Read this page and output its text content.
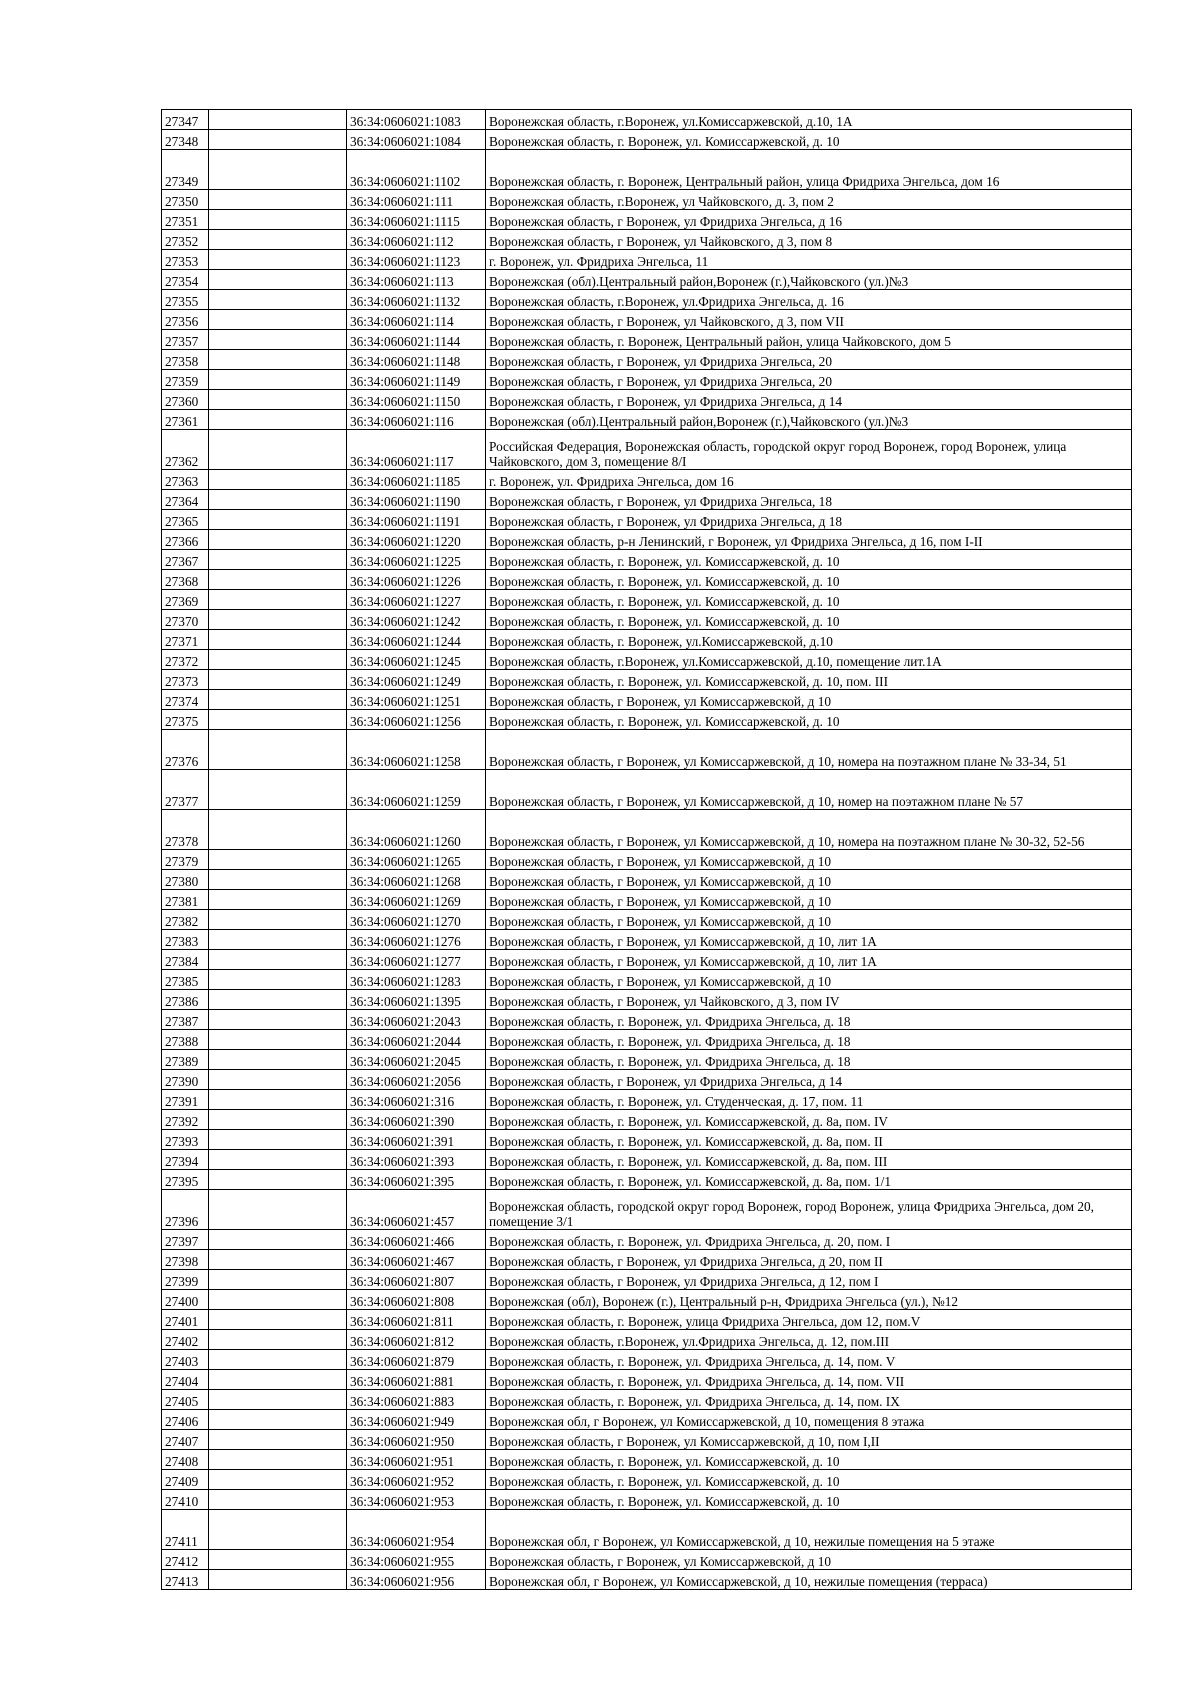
27347		36:34:0606021:1083	Воронежская область, г.Воронеж, ул.Комиссаржевской, д.10, 1А
27348		36:34:0606021:1084	Воронежская область, г. Воронеж, ул. Комиссаржевской, д. 10
27349		36:34:0606021:1102	Воронежская область, г. Воронеж, Центральный район, улица Фридриха Энгельса, дом 16
27350		36:34:0606021:111	Воронежская область, г.Воронеж, ул Чайковского, д. 3, пом 2
27351		36:34:0606021:1115	Воронежская область, г Воронеж, ул Фридриха Энгельса, д 16
27352		36:34:0606021:112	Воронежская область, г Воронеж, ул Чайковского, д 3, пом 8
27353		36:34:0606021:1123	г. Воронеж, ул. Фридриха Энгельса, 11
27354		36:34:0606021:113	Воронежская (обл).Центральный район,Воронеж (г.),Чайковского (ул.)№3
27355		36:34:0606021:1132	Воронежская область, г.Воронеж, ул.Фридриха Энгельса, д. 16
27356		36:34:0606021:114	Воронежская область, г Воронеж, ул Чайковского, д 3, пом VII
27357		36:34:0606021:1144	Воронежская область, г. Воронеж, Центральный район, улица Чайковского, дом 5
27358		36:34:0606021:1148	Воронежская область, г Воронеж, ул Фридриха Энгельса, 20
27359		36:34:0606021:1149	Воронежская область, г Воронеж, ул Фридриха Энгельса, 20
27360		36:34:0606021:1150	Воронежская область, г Воронеж, ул Фридриха Энгельса, д 14
27361		36:34:0606021:116	Воронежская (обл).Центральный район,Воронеж (г.),Чайковского (ул.)№3
27362		36:34:0606021:117	Российская Федерация, Воронежская область, городской округ город Воронеж, город Воронеж, улица Чайковского, дом 3, помещение 8/I
27363		36:34:0606021:1185	г. Воронеж, ул. Фридриха Энгельса, дом 16
27364		36:34:0606021:1190	Воронежская область, г Воронеж, ул Фридриха Энгельса, 18
27365		36:34:0606021:1191	Воронежская область, г Воронеж, ул Фридриха Энгельса, д 18
27366		36:34:0606021:1220	Воронежская область, р-н Ленинский, г Воронеж, ул Фридриха Энгельса, д 16, пом I-II
27367		36:34:0606021:1225	Воронежская область, г. Воронеж, ул. Комиссаржевской, д. 10
27368		36:34:0606021:1226	Воронежская область, г. Воронеж, ул. Комиссаржевской, д. 10
27369		36:34:0606021:1227	Воронежская область, г. Воронеж, ул. Комиссаржевской, д. 10
27370		36:34:0606021:1242	Воронежская область, г. Воронеж, ул. Комиссаржевской, д. 10
27371		36:34:0606021:1244	Воронежская область, г. Воронеж, ул.Комиссаржевской, д.10
27372		36:34:0606021:1245	Воронежская область, г.Воронеж, ул.Комиссаржевской, д.10, помещение лит.1А
27373		36:34:0606021:1249	Воронежская область, г. Воронеж, ул. Комиссаржевской, д. 10, пом. III
27374		36:34:0606021:1251	Воронежская область, г Воронеж, ул Комиссаржевской, д 10
27375		36:34:0606021:1256	Воронежская область, г. Воронеж, ул. Комиссаржевской, д. 10
27376		36:34:0606021:1258	Воронежская область, г Воронеж, ул Комиссаржевской, д 10, номера на поэтажном плане № 33-34, 51
27377		36:34:0606021:1259	Воронежская область, г Воронеж, ул Комиссаржевской, д 10, номер на поэтажном плане № 57
27378		36:34:0606021:1260	Воронежская область, г Воронеж, ул Комиссаржевской, д 10, номера на поэтажном плане № 30-32, 52-56
27379		36:34:0606021:1265	Воронежская область, г Воронеж, ул Комиссаржевской, д 10
27380		36:34:0606021:1268	Воронежская область, г Воронеж, ул Комиссаржевской, д 10
27381		36:34:0606021:1269	Воронежская область, г Воронеж, ул Комиссаржевской, д 10
27382		36:34:0606021:1270	Воронежская область, г Воронеж, ул Комиссаржевской, д 10
27383		36:34:0606021:1276	Воронежская область, г Воронеж, ул Комиссаржевской, д 10, лит 1А
27384		36:34:0606021:1277	Воронежская область, г Воронеж, ул Комиссаржевской, д 10, лит 1А
27385		36:34:0606021:1283	Воронежская область, г Воронеж, ул Комиссаржевской, д 10
27386		36:34:0606021:1395	Воронежская область, г Воронеж, ул Чайковского, д 3, пом IV
27387		36:34:0606021:2043	Воронежская область, г. Воронеж, ул. Фридриха Энгельса, д. 18
27388		36:34:0606021:2044	Воронежская область, г. Воронеж, ул. Фридриха Энгельса, д. 18
27389		36:34:0606021:2045	Воронежская область, г. Воронеж, ул. Фридриха Энгельса, д. 18
27390		36:34:0606021:2056	Воронежская область, г Воронеж, ул Фридриха Энгельса, д 14
27391		36:34:0606021:316	Воронежская область, г. Воронеж, ул. Студенческая, д. 17, пом. 11
27392		36:34:0606021:390	Воронежская область, г. Воронеж, ул. Комиссаржевской, д. 8а, пом. IV
27393		36:34:0606021:391	Воронежская область, г. Воронеж, ул. Комиссаржевской, д. 8а, пом. II
27394		36:34:0606021:393	Воронежская область, г. Воронеж, ул. Комиссаржевской, д. 8а, пом. III
27395		36:34:0606021:395	Воронежская область, г. Воронеж, ул. Комиссаржевской, д. 8а, пом. 1/1
27396		36:34:0606021:457	Воронежская область, городской округ город Воронеж, город Воронеж, улица Фридриха Энгельса, дом 20, помещение 3/1
27397		36:34:0606021:466	Воронежская область, г. Воронеж, ул. Фридриха Энгельса, д. 20, пом. I
27398		36:34:0606021:467	Воронежская область, г Воронеж, ул Фридриха Энгельса, д 20, пом II
27399		36:34:0606021:807	Воронежская область, г Воронеж, ул Фридриха Энгельса, д 12, пом I
27400		36:34:0606021:808	Воронежская (обл), Воронеж (г.), Центральный р-н, Фридриха Энгельса (ул.), №12
27401		36:34:0606021:811	Воронежская область, г. Воронеж, улица Фридриха Энгельса, дом 12, пом.V
27402		36:34:0606021:812	Воронежская область, г.Воронеж, ул.Фридриха Энгельса, д. 12, пом.III
27403		36:34:0606021:879	Воронежская область, г. Воронеж, ул. Фридриха Энгельса, д. 14, пом. V
27404		36:34:0606021:881	Воронежская область, г. Воронеж, ул. Фридриха Энгельса, д. 14, пом. VII
27405		36:34:0606021:883	Воронежская область, г. Воронеж, ул. Фридриха Энгельса, д. 14, пом. IX
27406		36:34:0606021:949	Воронежская обл, г Воронеж, ул Комиссаржевской, д 10, помещения 8 этажа
27407		36:34:0606021:950	Воронежская область, г Воронеж, ул Комиссаржевской, д 10, пом I,II
27408		36:34:0606021:951	Воронежская область, г. Воронеж, ул. Комиссаржевской, д. 10
27409		36:34:0606021:952	Воронежская область, г. Воронеж, ул. Комиссаржевской, д. 10
27410		36:34:0606021:953	Воронежская область, г. Воронеж, ул. Комиссаржевской, д. 10
27411		36:34:0606021:954	Воронежская обл, г Воронеж, ул Комиссаржевской, д 10, нежилые помещения на 5 этаже
27412		36:34:0606021:955	Воронежская область, г Воронеж, ул Комиссаржевской, д 10
27413		36:34:0606021:956	Воронежская обл, г Воронеж, ул Комиссаржевской, д 10, нежилые помещения (терраса)
